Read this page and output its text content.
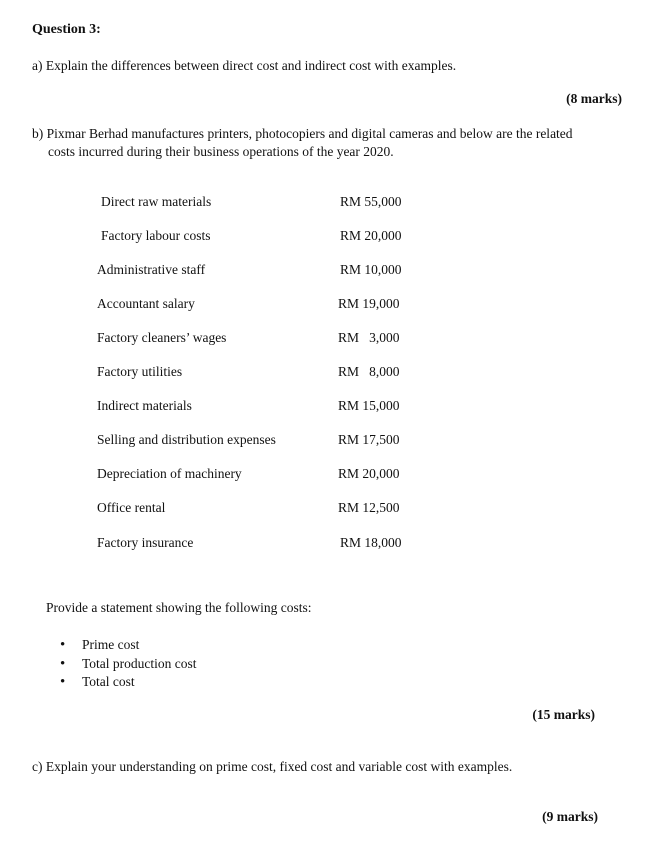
Question 3:
a) Explain the differences between direct cost and indirect cost with examples.
(8 marks)
b) Pixmar Berhad manufactures printers, photocopiers and digital cameras and below are the related
costs incurred during their business operations of the year 2020.
Direct raw materials	RM 55,000
Factory labour costs	RM 20,000
Administrative staff	RM 10,000
Accountant salary	RM 19,000
Factory cleaners’ wages	RM   3,000
Factory utilities	RM   8,000
Indirect materials	RM 15,000
Selling and distribution expenses	RM 17,500
Depreciation of machinery	RM 20,000
Office rental	RM 12,500
Factory insurance	RM 18,000
Provide a statement showing the following costs:
• Prime cost
• Total production cost
• Total cost
(15 marks)
c) Explain your understanding on prime cost, fixed cost and variable cost with examples.
(9 marks)
